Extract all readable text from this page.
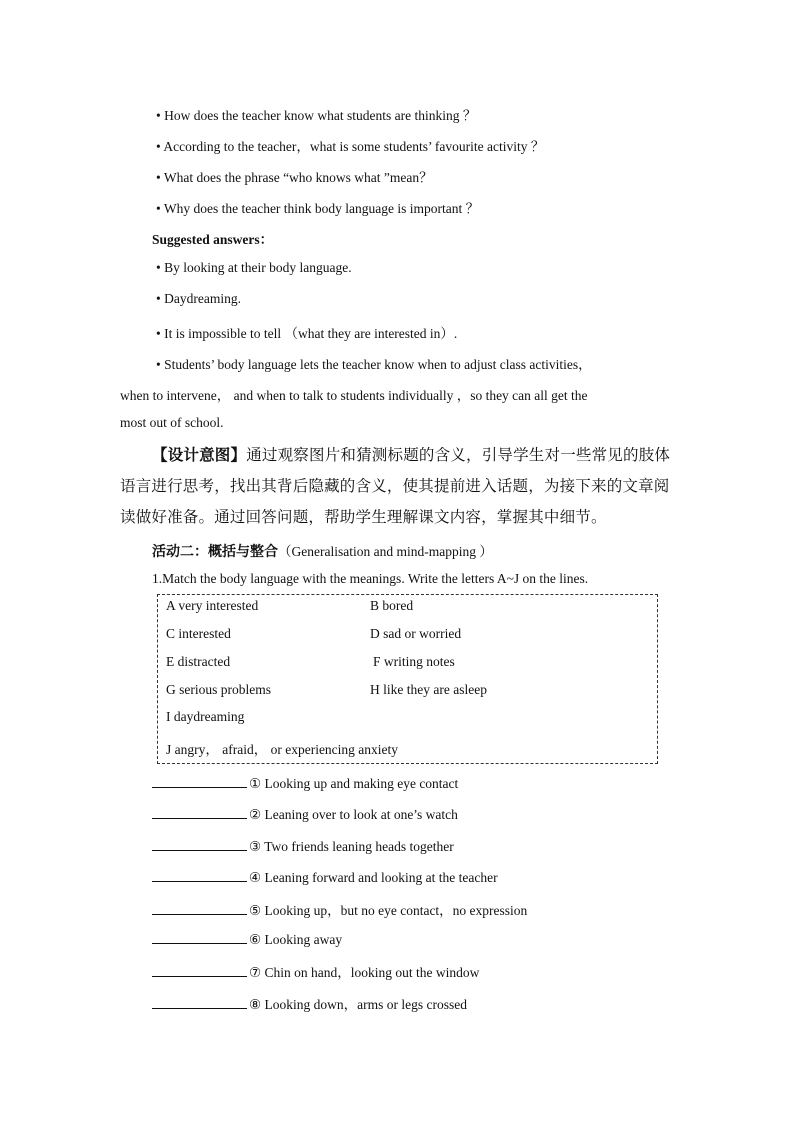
• How does the teacher know what students are thinking ？
• According to the teacher，what is some students’ favourite activity ？
• What does the phrase “who knows what ”mean？
• Why does the teacher think body language is important ？
Suggested answers：
• By looking at their body language.
• Daydreaming.
• It is impossible to tell （what they are interested in）.
• Students’ body language lets the teacher know when to adjust class activities，
when to intervene， and when to talk to students individually ，so they can all get the
most out of school.
【设计意图】通过观察图片和猜测标题的含义，引导学生对一些常见的肢体语言进行思考，找出其背后隐藏的含义，使其提前进入话题，为接下来的文章阅读做好准备。通过回答问题，帮助学生理解课文内容，掌握其中细节。
活动二：概括与整合（Generalisation and mind-mapping ）
1.Match the body language with the meanings. Write the letters A~J on the lines.
A very interested	B bored
C interested	D sad or worried
E distracted	F writing notes
G serious problems	H like they are asleep
I daydreaming
J angry， afraid， or experiencing anxiety
① Looking up and making eye contact
② Leaning over to look at one’s watch
③ Two friends leaning heads together
④ Leaning forward and looking at the teacher
⑤ Looking up，but no eye contact，no expression
⑥ Looking away
⑦ Chin on hand，looking out the window
⑧ Looking down，arms or legs crossed
